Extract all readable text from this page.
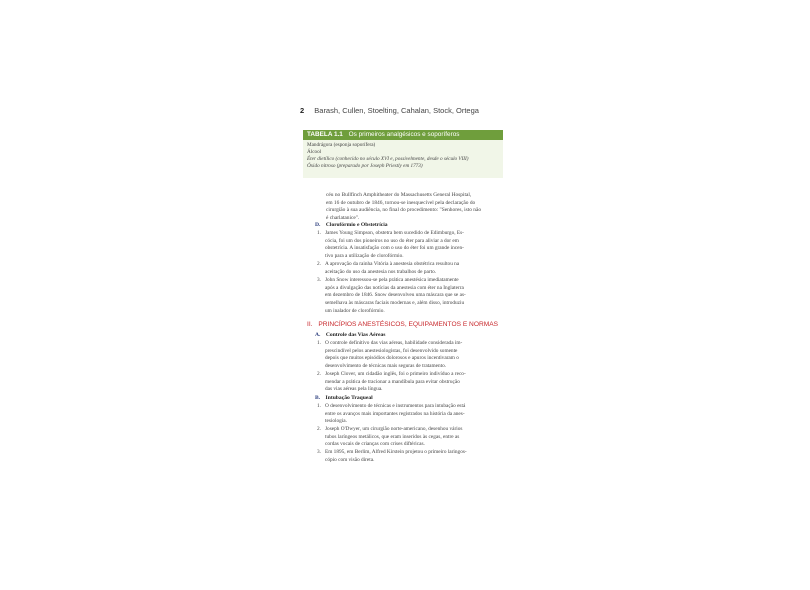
2 Barash, Cullen, Stoelting, Cahalan, Stock, Ortega
TABELA 1.1 Os primeiros analgésicos e soporíferos
Mandrágora (esponja soporífera)
Álcool
Éter dietílico (conhecido no século XVI e, possivelmente, desde o século VIII)
Óxido nitroso (preparado por Joseph Priestly em 1773)
céu no Bullfinch Amphitheater do Massachusetts General Hospital,
em 16 de outubro de 1846, tornou-se inesquecível pela declaração do
cirurgião à sua audiência, no final do procedimento: "Senhores, isto não
é charlatanice".
D. Clorofórmio e Obstetrícia
1. James Young Simpson, obstetra bem sucedido de Edimburgo, Es-
cócia, foi um dos pioneiros no uso do éter para aliviar a dor em
obstetrícia. A insatisfação com o uso do éter foi um grande incen-
tivo para a utilização de clorofórmio.
2. A aprovação da rainha Vitória à anestesia obstétrica resultou na
aceitação do uso da anestesia nos trabalhos de parto.
3. John Snow interessou-se pela prática anestésica imediatamente
após a divulgação das notícias da anestesia com éter na Inglaterra
em dezembro de 1846. Snow desenvolveu uma máscara que se as-
semelhava às máscaras faciais modernas e, além disso, introduziu
um inalador de clorofórmio.
II. PRINCÍPIOS ANESTÉSICOS, EQUIPAMENTOS E NORMAS
A. Controle das Vias Aéreas
1. O controle definitivo das vias aéreas, habilidade considerada im-
prescindível pelos anestesiologistas, foi desenvolvido somente
depois que muitos episódios dolorosos e apuros incentivaram o
desenvolvimento de técnicas mais seguras de tratamento.
2. Joseph Clover, um cidadão inglês, foi o primeiro indivíduo a reco-
mendar a prática de tracionar a mandíbula para evitar obstrução
das vias aéreas pela língua.
B. Intubação Traqueal
1. O desenvolvimento de técnicas e instrumentos para intubação está
entre os avanços mais importantes registrados na história da anes-
tesiologia.
2. Joseph O'Dwyer, um cirurgião norte-americano, desenhou vários
tubos laríngeos metálicos, que eram inseridos às cegas, entre as
cordas vocais de crianças com crises diftéricas.
3. Em 1895, em Berlim, Alfred Kirstein projetou o primeiro laringos-
cópio com visão direta.
